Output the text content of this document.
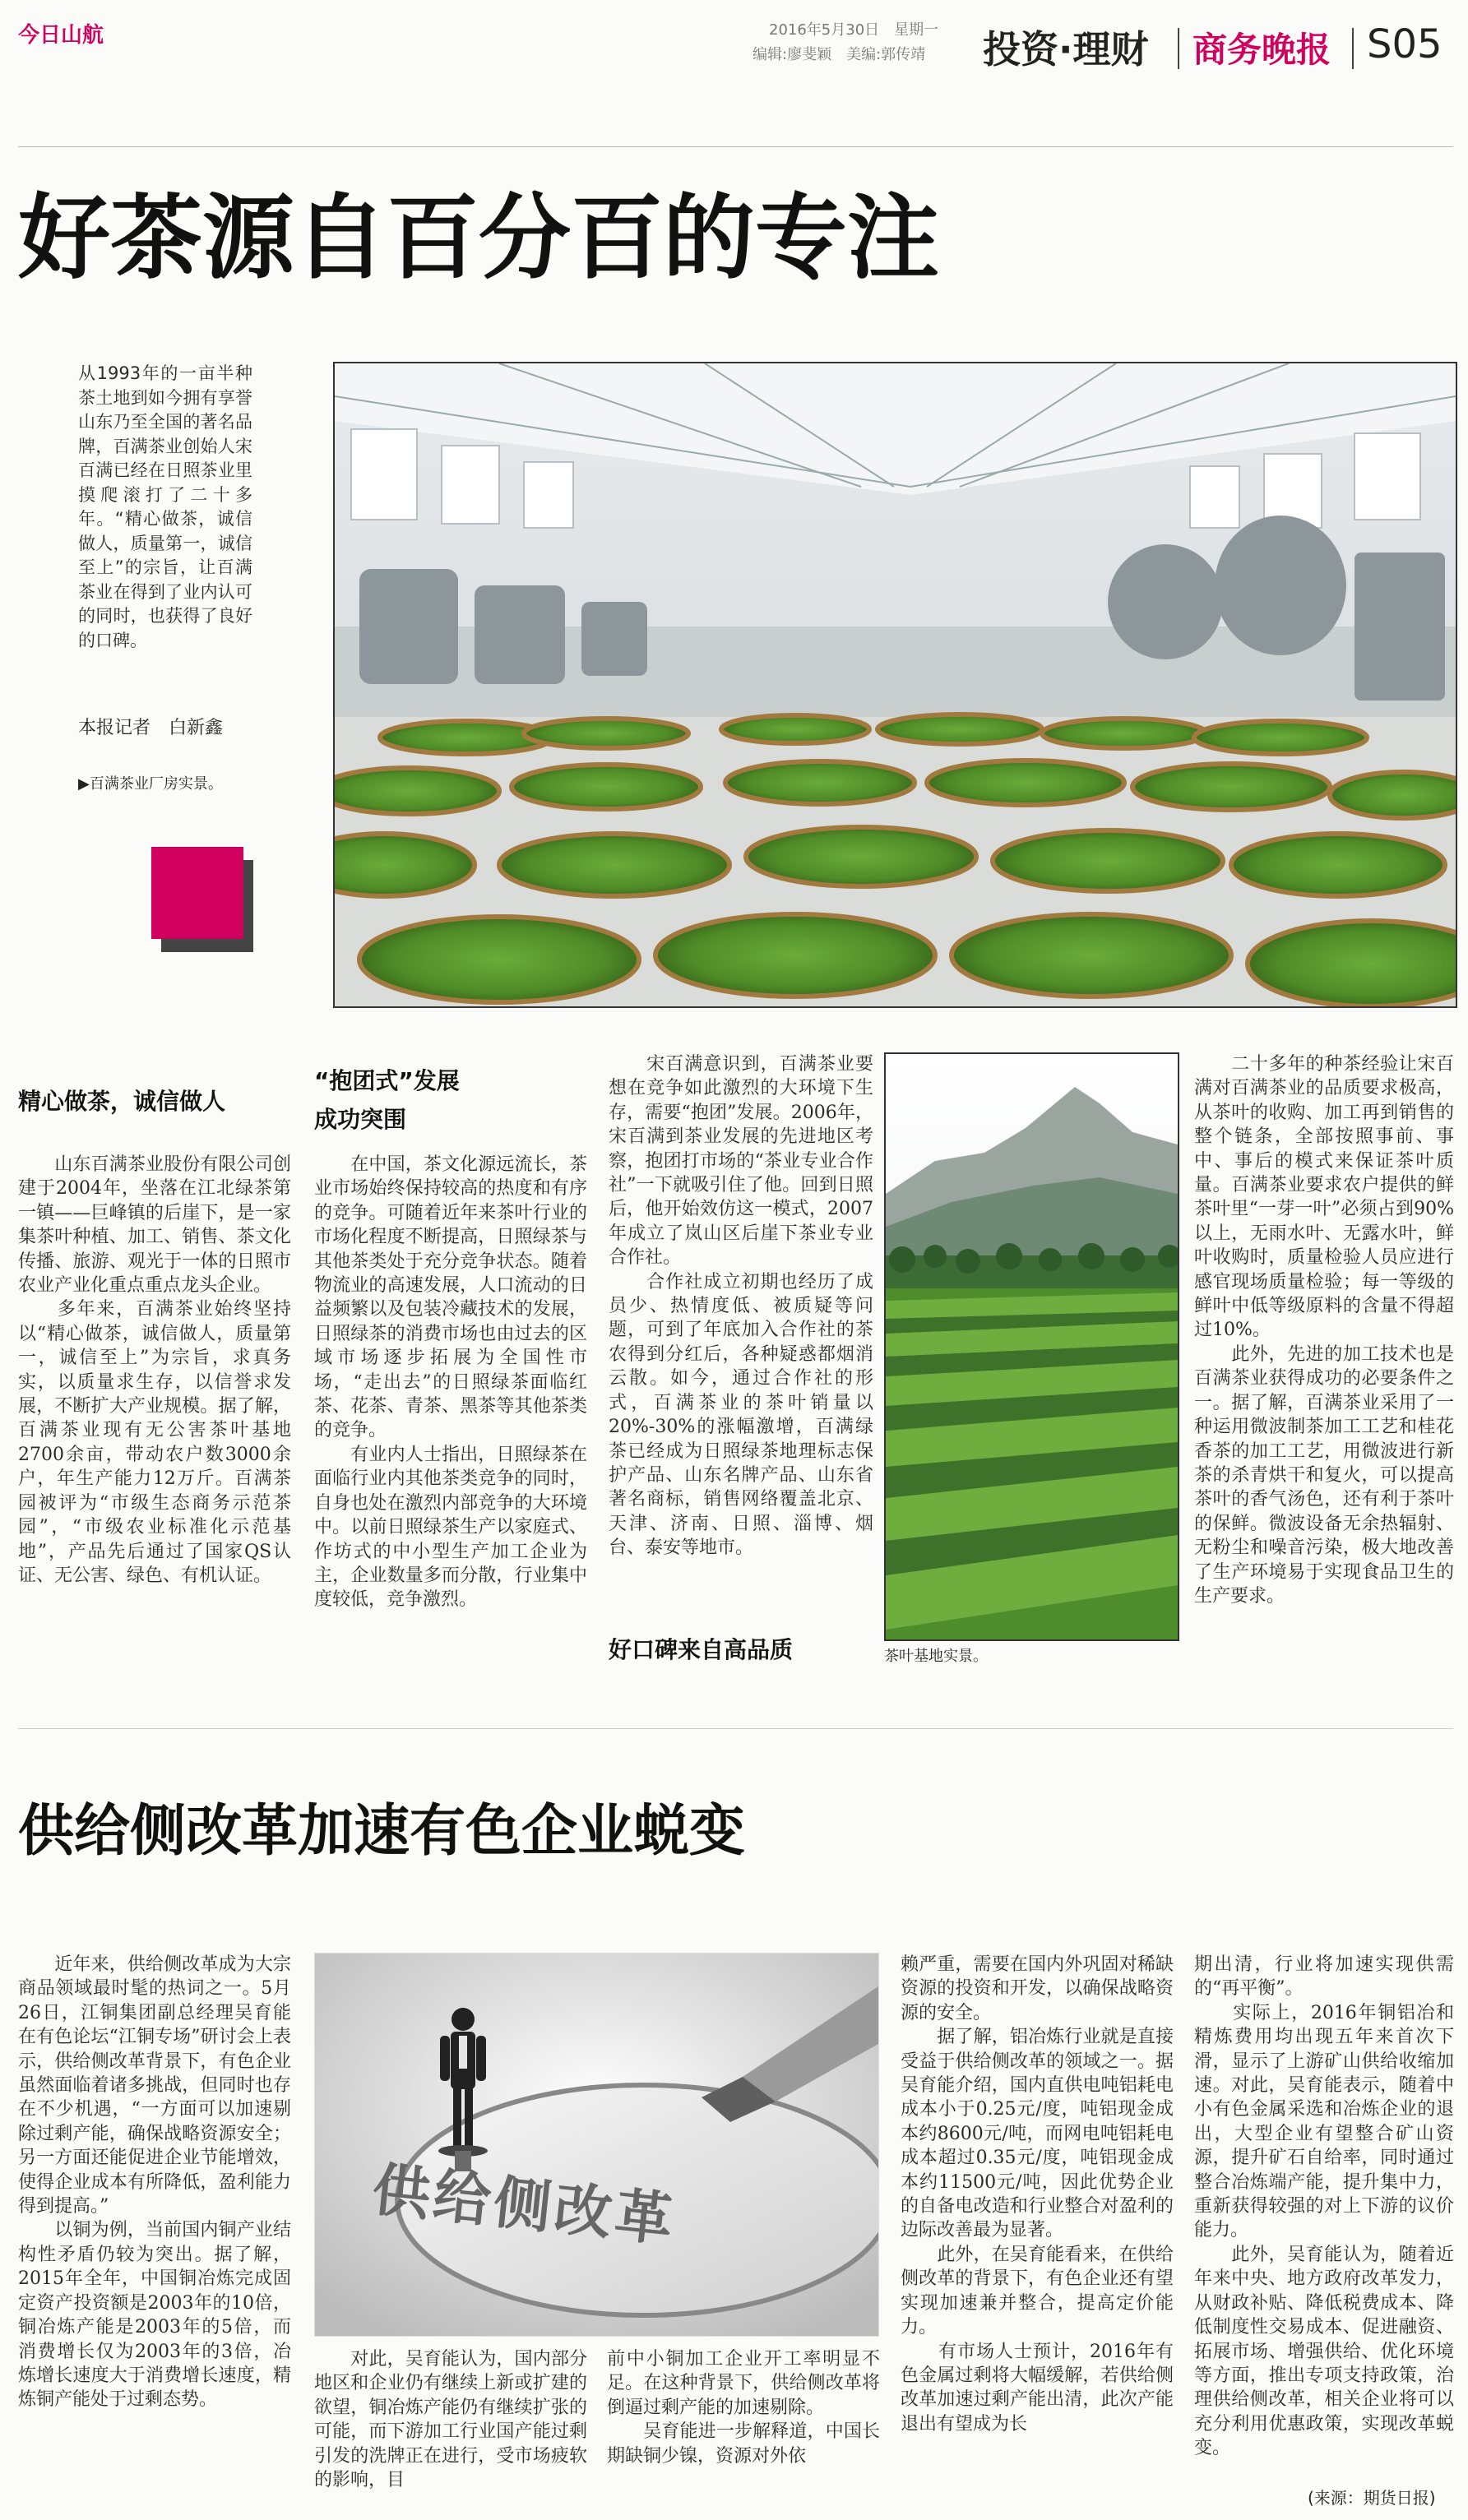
今日山航	2016年5月30日　星期一
编辑:廖斐颖　美编:郭传靖 投资·理财 商务晚报 S05
好茶源自百分百的专注
从1993年的一亩半种茶土地到如今拥有享誉山东乃至全国的著名品牌，百满茶业创始人宋百满已经在日照茶业里摸爬滚打了二十多年。“精心做茶，诚信做人，质量第一，诚信至上”的宗旨，让百满茶业在得到了业内认可的同时，也获得了良好的口碑。
本报记者　白新鑫
▶百满茶业厂房实景。
精心做茶，诚信做人
“抱团式”发展
成功突围
好口碑来自高品质
　　山东百满茶业股份有限公司创建于2004年，坐落在江北绿茶第一镇——巨峰镇的后崖下，是一家集茶叶种植、加工、销售、茶文化传播、旅游、观光于一体的日照市农业产业化重点重点龙头企业。
　　多年来，百满茶业始终坚持以“精心做茶，诚信做人，质量第一，诚信至上”为宗旨，求真务实，以质量求生存，以信誉求发展，不断扩大产业规模。据了解，百满茶业现有无公害茶叶基地2700余亩，带动农户数3000余户，年生产能力12万斤。百满茶园被评为“市级生态商务示范茶园”，“市级农业标准化示范基地”，产品先后通过了国家QS认证、无公害、绿色、有机认证。
　　在中国，茶文化源远流长，茶业市场始终保持较高的热度和有序的竞争。可随着近年来茶叶行业的市场化程度不断提高，日照绿茶与其他茶类处于充分竞争状态。随着物流业的高速发展，人口流动的日益频繁以及包装冷藏技术的发展，日照绿茶的消费市场也由过去的区域市场逐步拓展为全国性市场，“走出去”的日照绿茶面临红茶、花茶、青茶、黑茶等其他茶类的竞争。
　　有业内人士指出，日照绿茶在面临行业内其他茶类竞争的同时，自身也处在激烈内部竞争的大环境中。以前日照绿茶生产以家庭式、作坊式的中小型生产加工企业为主，企业数量多而分散，行业集中度较低，竞争激烈。
　　宋百满意识到，百满茶业要想在竞争如此激烈的大环境下生存，需要“抱团”发展。2006年，宋百满到茶业发展的先进地区考察，抱团打市场的“茶业专业合作社”一下就吸引住了他。回到日照后，他开始效仿这一模式，2007年成立了岚山区后崖下茶业专业合作社。
　　合作社成立初期也经历了成员少、热情度低、被质疑等问题，可到了年底加入合作社的茶农得到分红后，各种疑惑都烟消云散。如今，通过合作社的形式，百满茶业的茶叶销量以20%-30%的涨幅激增，百满绿茶已经成为日照绿茶地理标志保护产品、山东名牌产品、山东省著名商标，销售网络覆盖北京、天津、济南、日照、淄博、烟台、泰安等地市。
　　二十多年的种茶经验让宋百满对百满茶业的品质要求极高，从茶叶的收购、加工再到销售的整个链条，全部按照事前、事中、事后的模式来保证茶叶质量。百满茶业要求农户提供的鲜茶叶里“一芽一叶”必须占到90%以上，无雨水叶、无露水叶，鲜叶收购时，质量检验人员应进行感官现场质量检验；每一等级的鲜叶中低等级原料的含量不得超过10%。
　　此外，先进的加工技术也是百满茶业获得成功的必要条件之一。据了解，百满茶业采用了一种运用微波制茶加工工艺和桂花香茶的加工工艺，用微波进行新茶的杀青烘干和复火，可以提高茶叶的香气汤色，还有利于茶叶的保鲜。微波设备无余热辐射、无粉尘和噪音污染，极大地改善了生产环境易于实现食品卫生的生产要求。
茶叶基地实景。
供给侧改革加速有色企业蜕变
　　近年来，供给侧改革成为大宗商品领域最时髦的热词之一。5月26日，江铜集团副总经理吴育能在有色论坛“江铜专场”研讨会上表示，供给侧改革背景下，有色企业虽然面临着诸多挑战，但同时也存在不少机遇，“一方面可以加速剔除过剩产能，确保战略资源安全；另一方面还能促进企业节能增效，使得企业成本有所降低，盈利能力得到提高。”
　　以铜为例，当前国内铜产业结构性矛盾仍较为突出。据了解，2015年全年，中国铜冶炼完成固定资产投资额是2003年的10倍，铜冶炼产能是2003年的5倍，而消费增长仅为2003年的3倍，冶炼增长速度大于消费增长速度，精炼铜产能处于过剩态势。
供给侧改革
　　对此，吴育能认为，国内部分地区和企业仍有继续上新或扩建的欲望，铜冶炼产能仍有继续扩张的可能，而下游加工行业国产能过剩引发的洗牌正在进行，受市场疲软的影响，目
前中小铜加工企业开工率明显不足。在这种背景下，供给侧改革将倒逼过剩产能的加速剔除。
　　吴育能进一步解释道，中国长期缺铜少镍，资源对外依
赖严重，需要在国内外巩固对稀缺资源的投资和开发，以确保战略资源的安全。
　　据了解，铝冶炼行业就是直接受益于供给侧改革的领域之一。据吴育能介绍，国内直供电吨铝耗电成本小于0.25元/度，吨铝现金成本约8600元/吨，而网电吨铝耗电成本超过0.35元/度，吨铝现金成本约11500元/吨，因此优势企业的自备电改造和行业整合对盈利的边际改善最为显著。
　　此外，在吴育能看来，在供给侧改革的背景下，有色企业还有望实现加速兼并整合，提高定价能力。
　　有市场人士预计，2016年有色金属过剩将大幅缓解，若供给侧改革加速过剩产能出清，此次产能退出有望成为长
期出清，行业将加速实现供需的“再平衡”。
　　实际上，2016年铜铝冶和精炼费用均出现五年来首次下滑，显示了上游矿山供给收缩加速。对此，吴育能表示，随着中小有色金属采选和冶炼企业的退出，大型企业有望整合矿山资源，提升矿石自给率，同时通过整合冶炼端产能，提升集中力，重新获得较强的对上下游的议价能力。
　　此外，吴育能认为，随着近年来中央、地方政府改革发力，从财政补贴、降低税费成本、降低制度性交易成本、促进融资、拓展市场、增强供给、优化环境等方面，推出专项支持政策，治理供给侧改革，相关企业将可以充分利用优惠政策，实现改革蜕变。
(来源：期货日报)
